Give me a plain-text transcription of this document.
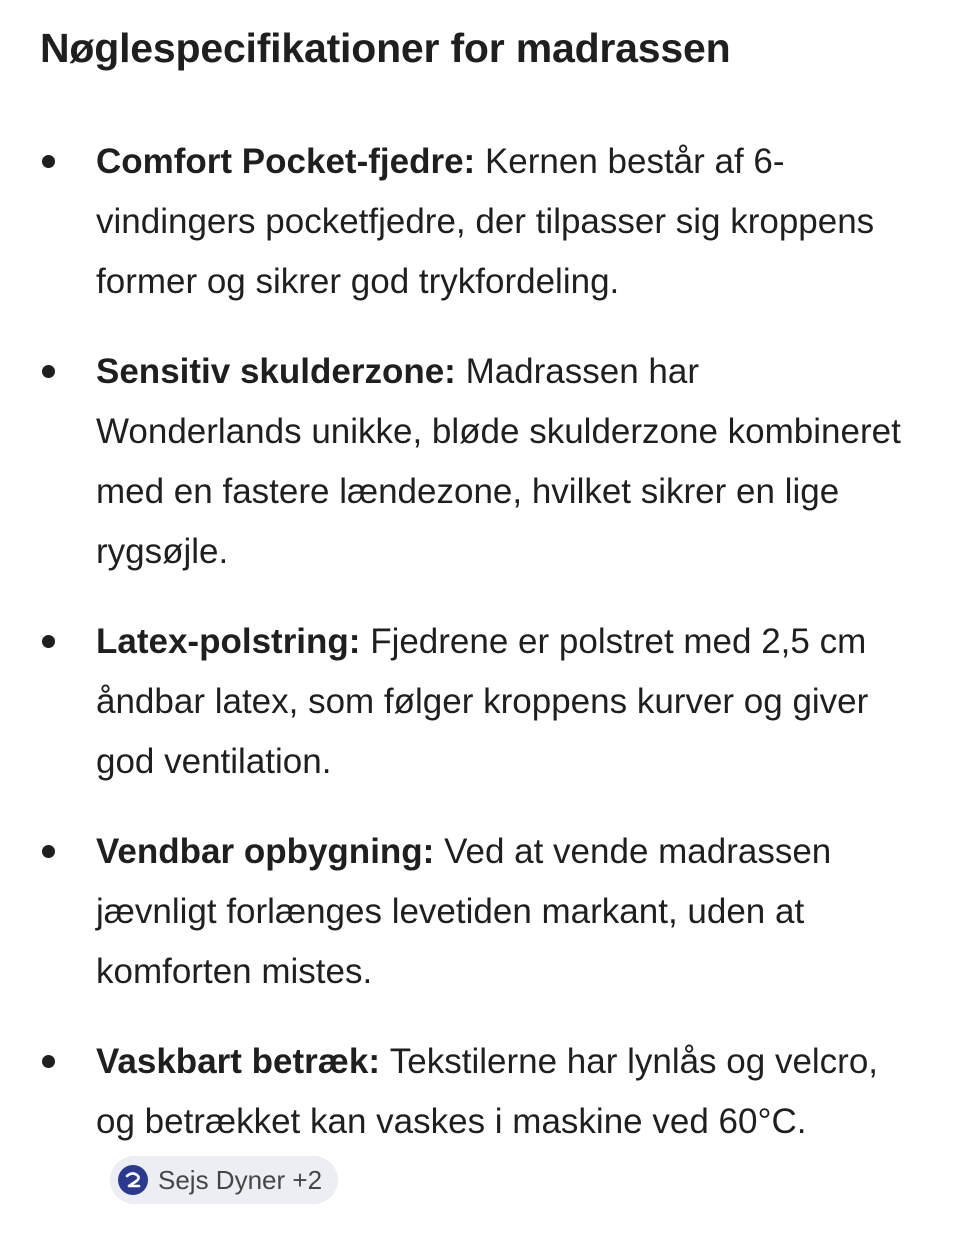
Nøglespecifikationer for madrassen
Comfort Pocket-fjedre: Kernen består af 6-vindingers pocketfjedre, der tilpasser sig kroppens former og sikrer god trykfordeling.
Sensitiv skulderzone: Madrassen har Wonderlands unikke, bløde skulderzone kombineret med en fastere lændezone, hvilket sikrer en lige rygsøjle.
Latex-polstring: Fjedrene er polstret med 2,5 cm åndbar latex, som følger kroppens kurver og giver god ventilation.
Vendbar opbygning: Ved at vende madrassen jævnligt forlænges levetiden markant, uden at komforten mistes.
Vaskbart betræk: Tekstilerne har lynlås og velcro, og betrækket kan vaskes i maskine ved 60°C.
Sejs Dyner +2
